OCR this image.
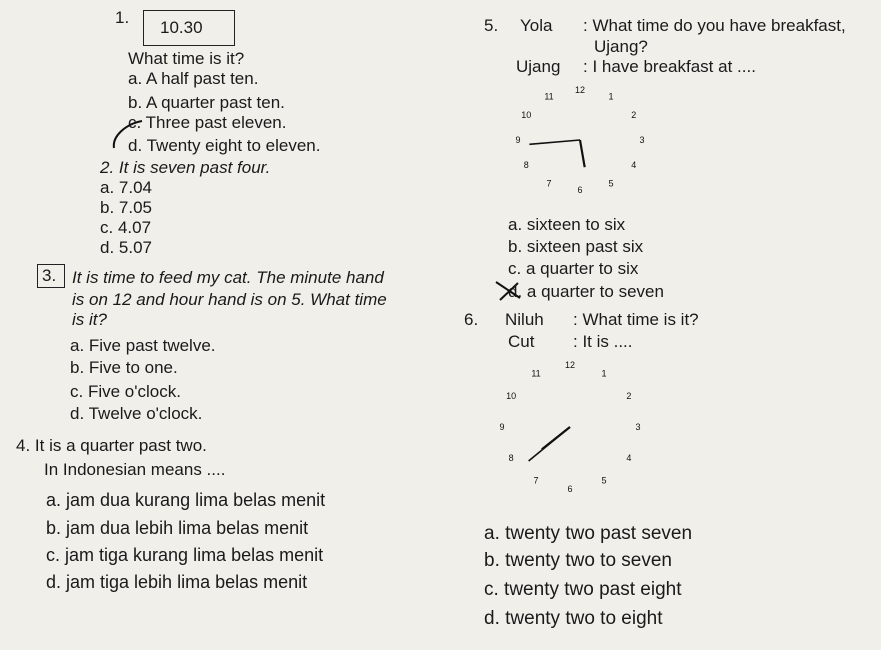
1.
10.30
What time is it?
a. A half past ten.
b. A quarter past ten.
c. Three past eleven.
d. Twenty eight to eleven.
2. It is seven past four.
a. 7.04
b. 7.05
c. 4.07
d. 5.07
3. It is time to feed my cat. The minute hand
is on 12 and hour hand is on 5. What time
is it?
a. Five past twelve.
b. Five to one.
c. Five o'clock.
d. Twelve o'clock.
4. It is a quarter past two.
In Indonesian means ....
a. jam dua kurang lima belas menit
b. jam dua lebih lima belas menit
c. jam tiga kurang lima belas menit
d. jam tiga lebih lima belas menit
5. Yola : What time do you have breakfast,
Ujang?
Ujang : I have breakfast at ....
12
1
2
3
4
5
6
7
8
9
10
11
a. sixteen to six
b. sixteen past six
c. a quarter to six
d. a quarter to seven
6. Niluh : What time is it?
Cut : It is ....
12
1
2
3
4
5
6
7
8
9
10
11
a. twenty two past seven
b. twenty two to seven
c. twenty two past eight
d. twenty two to eight
